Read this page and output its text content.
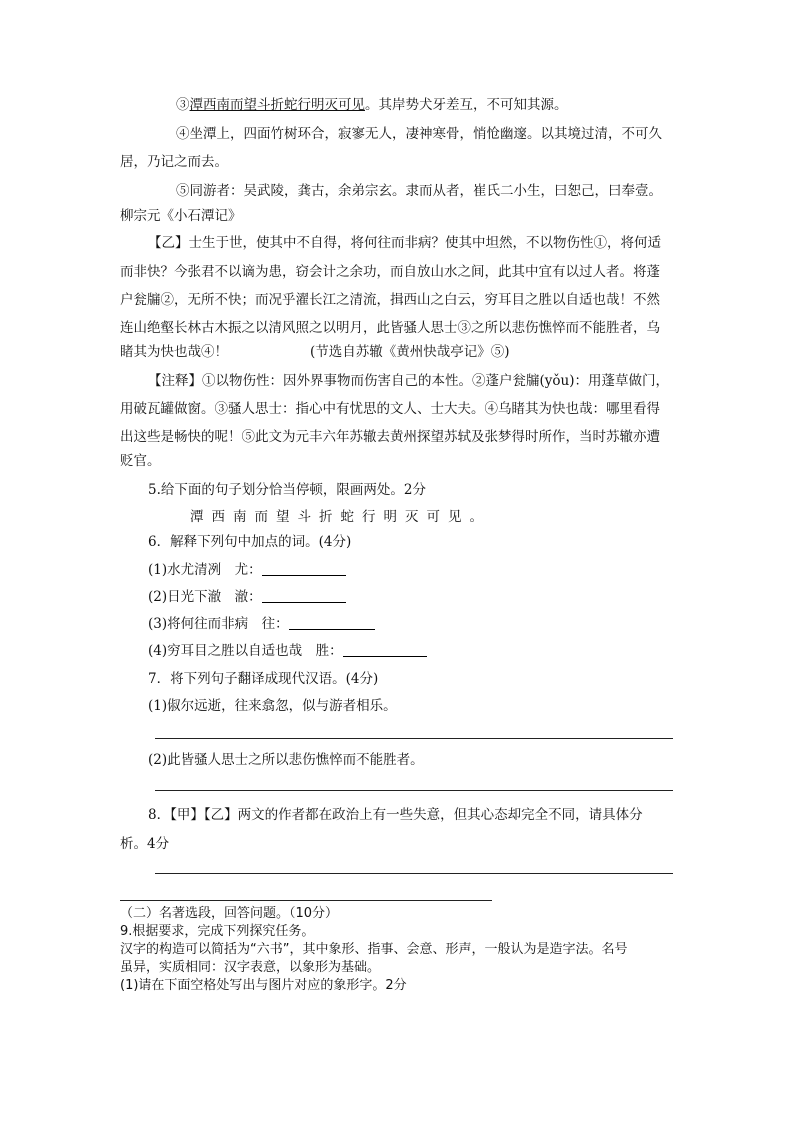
③潭西南而望斗折蛇行明灭可见。其岸势犬牙差互，不可知其源。
④坐潭上，四面竹树环合，寂寥无人，凄神寒骨，悄怆幽邃。以其境过清，不可久
居，乃记之而去。
⑤同游者：吴武陵，龚古，余弟宗玄。隶而从者，崔氏二小生，曰恕己，曰奉壹。
柳宗元《小石潭记》
【乙】士生于世，使其中不自得，将何往而非病？使其中坦然，不以物伤性①，将何适
而非快？今张君不以谪为患，窃会计之余功，而自放山水之间，此其中宜有以过人者。将蓬
户瓮牖②，无所不快；而况乎濯长江之清流，揖西山之白云，穷耳目之胜以自适也哉！不然
连山绝壑长林古木振之以清风照之以明月，此皆骚人思士③之所以悲伤憔悴而不能胜者，乌
睹其为快也哉④！	(节选自苏辙《黄州快哉亭记》⑤)
【注释】①以物伤性：因外界事物而伤害自己的本性。②蓬户瓮牖(yǒu)：用蓬草做门，
用破瓦罐做窗。③骚人思士：指心中有忧思的文人、士大夫。④乌睹其为快也哉：哪里看得
出这些是畅快的呢！⑤此文为元丰六年苏辙去黄州探望苏轼及张梦得时所作，当时苏辙亦遭
贬官。
5.给下面的句子划分恰当停顿，限画两处。2分
潭西南而望斗折蛇行明灭可见。
6．解释下列句中加点的词。(4分)
(1)水尤清冽　尤：
(2)日光下澈　澈：
(3)将何往而非病　往：
(4)穷耳目之胜以自适也哉　胜：
7．将下列句子翻译成现代汉语。(4分)
(1)俶尔远逝，往来翕忽，似与游者相乐。
(2)此皆骚人思士之所以悲伤憔悴而不能胜者。
8．【甲】【乙】两文的作者都在政治上有一些失意，但其心态却完全不同，请具体分
析。4分
（二）名著选段，回答问题。（10分）
9.根据要求，完成下列探究任务。
汉字的构造可以简括为“六书”，其中象形、指事、会意、形声，一般认为是造字法。名号
虽异，实质相同：汉字表意，以象形为基础。
(1)请在下面空格处写出与图片对应的象形字。2分
